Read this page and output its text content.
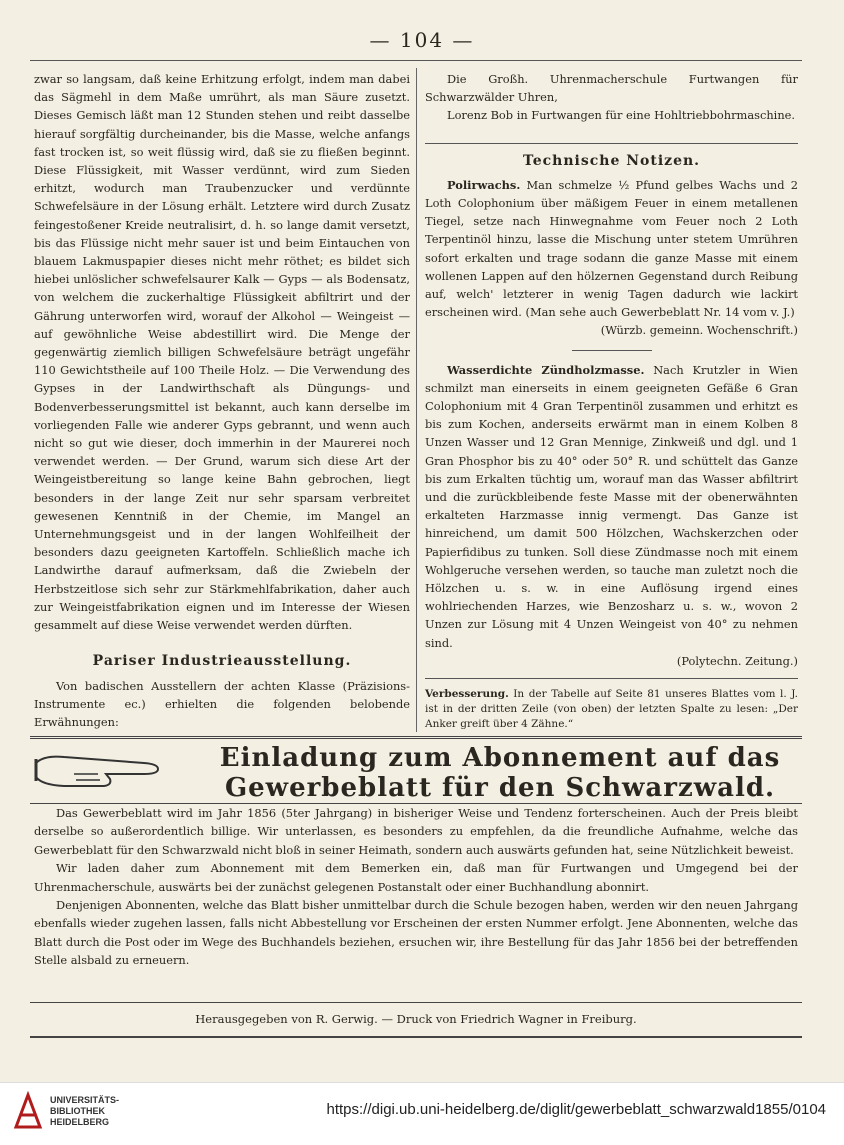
— 104 —

zwar so langsam, daß keine Erhitzung erfolgt, indem man dabei das Sägmehl in dem Maße umrührt, als man Säure zusetzt. Dieses Gemisch läßt man 12 Stunden stehen und reibt dasselbe hierauf sorgfältig durcheinander, bis die Masse, welche anfangs fast trocken ist, so weit flüssig wird, daß sie zu fließen beginnt. Diese Flüssigkeit, mit Wasser verdünnt, wird zum Sieden erhitzt, wodurch man Traubenzucker und verdünnte Schwefelsäure in der Lösung erhält. Letztere wird durch Zusatz feingestoßener Kreide neutralisirt, d. h. so lange damit versetzt, bis das Flüssige nicht mehr sauer ist und beim Eintauchen von blauem Lakmuspapier dieses nicht mehr röthet; es bildet sich hiebei unlöslicher schwefelsaurer Kalk — Gyps — als Bodensatz, von welchem die zuckerhaltige Flüssigkeit abfiltrirt und der Gährung unterworfen wird, worauf der Alkohol — Weingeist — auf gewöhnliche Weise abdestillirt wird. Die Menge der gegenwärtig ziemlich billigen Schwefelsäure beträgt ungefähr 110 Gewichtstheile auf 100 Theile Holz. — Die Verwendung des Gypses in der Landwirthschaft als Düngungs- und Bodenverbesserungsmittel ist bekannt, auch kann derselbe im vorliegenden Falle wie anderer Gyps gebrannt, und wenn auch nicht so gut wie dieser, doch immerhin in der Maurerei noch verwendet werden. — Der Grund, warum sich diese Art der Weingeistbereitung so lange keine Bahn gebrochen, liegt besonders in der lange Zeit nur sehr sparsam verbreitet gewesenen Kenntniß in der Chemie, im Mangel an Unternehmungsgeist und in der langen Wohlfeilheit der besonders dazu geeigneten Kartoffeln. Schließlich mache ich Landwirthe darauf aufmerksam, daß die Zwiebeln der Herbstzeitlose sich sehr zur Stärkmehlfabrikation, daher auch zur Weingeistfabrikation eignen und im Interesse der Wiesen gesammelt auf diese Weise verwendet werden dürften.

Pariser Industrieausstellung.

Von badischen Ausstellern der achten Klasse (Präzisions-Instrumente ec.) erhielten die folgenden belobende Erwähnungen:

Die Großh. Uhrenmacherschule Furtwangen für Schwarzwälder Uhren,

Lorenz Bob in Furtwangen für eine Hohltriebbohrmaschine.

Technische Notizen.

Polirwachs. Man schmelze ½ Pfund gelbes Wachs und 2 Loth Colophonium über mäßigem Feuer in einem metallenen Tiegel, setze nach Hinwegnahme vom Feuer noch 2 Loth Terpentinöl hinzu, lasse die Mischung unter stetem Umrühren sofort erkalten und trage sodann die ganze Masse mit einem wollenen Lappen auf den hölzernen Gegenstand durch Reibung auf, welch' letzterer in wenig Tagen dadurch wie lackirt erscheinen wird. (Man sehe auch Gewerbeblatt Nr. 14 vom v. J.)

(Würzb. gemeinn. Wochenschrift.)

Wasserdichte Zündholzmasse. Nach Krutzler in Wien schmilzt man einerseits in einem geeigneten Gefäße 6 Gran Colophonium mit 4 Gran Terpentinöl zusammen und erhitzt es bis zum Kochen, anderseits erwärmt man in einem Kolben 8 Unzen Wasser und 12 Gran Mennige, Zinkweiß und dgl. und 1 Gran Phosphor bis zu 40° oder 50° R. und schüttelt das Ganze bis zum Erkalten tüchtig um, worauf man das Wasser abfiltrirt und die zurückbleibende feste Masse mit der obenerwähnten erkalteten Harzmasse innig vermengt. Das Ganze ist hinreichend, um damit 500 Hölzchen, Wachskerzchen oder Papierfidibus zu tunken. Soll diese Zündmasse noch mit einem Wohlgeruche versehen werden, so tauche man zuletzt noch die Hölzchen u. s. w. in eine Auflösung irgend eines wohlriechenden Harzes, wie Benzosharz u. s. w., wovon 2 Unzen zur Lösung mit 4 Unzen Weingeist von 40° zu nehmen sind.

(Polytechn. Zeitung.)

Verbesserung. In der Tabelle auf Seite 81 unseres Blattes vom l. J. ist in der dritten Zeile (von oben) der letzten Spalte zu lesen: „Der Anker greift über 4 Zähne.“

Einladung zum Abonnement auf das Gewerbeblatt für den Schwarzwald.

Das Gewerbeblatt wird im Jahr 1856 (5ter Jahrgang) in bisheriger Weise und Tendenz forterscheinen. Auch der Preis bleibt derselbe so außerordentlich billige. Wir unterlassen, es besonders zu empfehlen, da die freundliche Aufnahme, welche das Gewerbeblatt für den Schwarzwald nicht bloß in seiner Heimath, sondern auch auswärts gefunden hat, seine Nützlichkeit beweist.

Wir laden daher zum Abonnement mit dem Bemerken ein, daß man für Furtwangen und Umgegend bei der Uhrenmacherschule, auswärts bei der zunächst gelegenen Postanstalt oder einer Buchhandlung abonnirt.

Denjenigen Abonnenten, welche das Blatt bisher unmittelbar durch die Schule bezogen haben, werden wir den neuen Jahrgang ebenfalls wieder zugehen lassen, falls nicht Abbestellung vor Erscheinen der ersten Nummer erfolgt. Jene Abonnenten, welche das Blatt durch die Post oder im Wege des Buchhandels beziehen, ersuchen wir, ihre Bestellung für das Jahr 1856 bei der betreffenden Stelle alsbald zu erneuern.

Herausgegeben von R. Gerwig. — Druck von Friedrich Wagner in Freiburg.
UNIVERSITÄTS-
BIBLIOTHEK
HEIDELBERG
https://digi.ub.uni-heidelberg.de/diglit/gewerbeblatt_schwarzwald1855/0104
